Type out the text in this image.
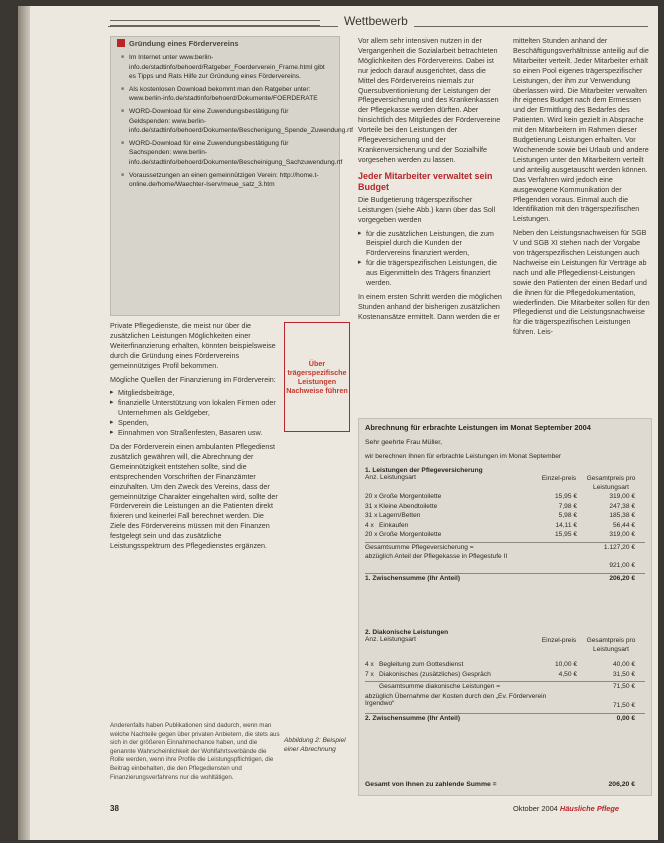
Wettbewerb
Gründung eines Fördervereins
■ Im Internet unter www.berlin-info.de/stadtinfo/behoerd/Ratgeber_Foerderverein_Frame.html gibt es Tipps und Rats Hilfe zur Gründung eines Fördervereins.
■ Als kostenlosen Download bekommt man den Ratgeber unter: www.berlin-info.de/stadtinfo/behoerd/Dokumente/FOERDERATE
■ WORD-Download für eine Zuwendungsbestätigung für Geldspenden: www.berlin-info.de/stadtinfo/behoerd/Dokumente/Beschenigung_Spende_Zuwendung.rtf
■ WORD-Download für eine Zuwendungsbestätigung für Sachspenden: www.berlin-info.de/stadtinfo/behoerd/Dokumente/Bescheinigung_Sachzuwendung.rtf
■ Voraussetzungen an einen gemeinnützigen Verein: http://home.t-online.de/home/Waechter-Iserv/meue_satz_3.htm

Private Pflegedienste, die meist nur über die zusätzlichen Leistungen Möglichkeiten einer Weiterfinanzierung erhalten, könnten beispielsweise durch die Gründung eines Fördervereins gemeinnütziges Profil bekommen.

Mögliche Quellen der Finanzierung im Förderverein:

▸ Mitgliedsbeiträge,
▸ finanzielle Unterstützung von lokalen Firmen oder Unternehmen als Geldgeber,
▸ Spenden,
▸ Einnahmen von Straßenfesten, Basaren usw.

Da der Förderverein einen ambulanten Pflegedienst zusätzlich gewähren will, die Abrechnung der Gemeinnützigkeit entstehen sollte, sind die entsprechenden Vorschriften der Finanzämter einzuhalten. Um den Zweck des Vereins, dass der gemeinnützige Charakter eingehalten wird, sollte der Förderverein die Leistungen an die Patienten direkt fixieren und keinerlei Fall berechnet werden. Die Ziele des Fördervereins müssen mit den Finanzen festgelegt sein und das zusätzliche Leistungsspektrum des Pflegedienstes ergänzen.

Anderenfalls haben Publikationen sind dadurch, wenn man welche Nachteile gegen über privaten Anbietern, die stets aus sich in der größeren Einnahmechance haben, und die genannte Wahrscheinlichkeit der Wohlfahrtsverbände die Rolle werden, wenn ihre Profile die Leistungspflichtigen, die Beitrag einbehalten, die den Pflegediensten und Finanzierungsverfahrens nur die wohltätigen.
Über trägerspezifische Leistungen Nachweise führen
Abbildung 2: Beispiel einer Abrechnung

Vor allem sehr intensiven nutzen in der Vergangenheit die Sozialarbeit betrachteten Möglichkeiten des Fördervereins. Dabei ist nur jedoch darauf ausgerichtet, dass die Mittel des Fördervereins niemals zur Quersubventionierung der Leistungen der Pflegeversicherung und des Krankenkassen der Pflegekasse werden dürften. Aber hinsichtlich des Mitgliedes der Fördervereine Vorteile bei den Leistungen der Pflegeversicherung und der Krankenversicherung und der Sozialhilfe vorgesehen werden zu lassen.

Jeder Mitarbeiter verwaltet sein Budget

Die Budgetierung trägerspezifischer Leistungen (siehe Abb.) kann über das Soll vorgegeben werden

▸ für die zusätzlichen Leistungen, die zum Beispiel durch die Kunden der Fördervereins finanziert werden,
▸ für die trägerspezifischen Leistungen, die aus Eigenmitteln des Trägers finanziert werden.

In einem ersten Schritt werden die möglichen Stunden anhand der bisherigen zusätzlichen Kostenansätze ermittelt. Dann werden die er

mittelten Stunden anhand der Beschäftigungsverhältnisse anteilig auf die Mitarbeiter verteilt. Jeder Mitarbeiter erhält so einen Pool eigenes trägerspezifischer Leistungen, der ihm zur Verwendung überlassen wird. Die Mitarbeiter verwalten ihr eigenes Budget nach dem Ermessen und der Ermittlung des Bedarfes des Patienten. Wird kein gezielt in Absprache mit den Mitarbeitern im Rahmen dieser Budgetierung Leistungen erhalten. Vor Wochenende sowie bei Urlaub und andere Leistungen unter den Mitarbeitern verteilt und anteilig ausgetauscht werden können. Das Verfahren wird jedoch eine ausgewogene Kommunikation der Pflegenden voraus. Einmal auch die Identifikation mit den trägerspezifischen Leistungen.

Neben den Leistungsnachweisen für SGB V und SGB XI stehen nach der Vorgabe von trägerspezifischen Leistungen auch Nachweise ein Leistungen für Verträge ab nach und alle Pflegedienst-Leistungen sowie den Patienten der einen Bedarf und die ihnen für die Pflegedokumentation, wiederfinden. Die Mitarbeiter sollen für den Pflegedienst und die Leistungsnachweise für die trägerspezifischen Leistungen führen. Leis-

Abrechnung für erbrachte Leistungen im Monat September 2004
Sehr geehrte Frau Müller,
wir berechnen Ihnen für erbrachte Leistungen im Monat September
1. Leistungen der Pflegeversicherung
Anz. Leistungsart	Einzel-preis	Gesamtpreis pro Leistungsart
20 x Große Morgentoilette	15,95 €	319,00 €
31 x Kleine Abendtoilette	7,98 €	247,38 €
31 x Lagern/Betten	5,98 €	185,38 €
4 x Einkaufen	14,11 €	56,44 €
20 x Große Morgentoilette	15,95 €	319,00 €
Gesamtsumme Pflegeversicherung =	1.127,20 €
abzüglich Anteil der Pflegekasse in Pflegestufe II
921,00 €
1. Zwischensumme (Ihr Anteil)	206,20 €
2. Diakonische Leistungen
Anz. Leistungsart	Einzel-preis	Gesamtpreis pro Leistungsart
4 x Begleitung zum Gottesdienst	10,00 €	40,00 €
7 x Diakonisches (zusätzliches) Gespräch	4,50 €	31,50 €
Gesamtsumme diakonische Leistungen =	71,50 €
abzüglich Übernahme der Kosten durch den „Ev. Förderverein Irgendwo“	71,50 €
2. Zwischensumme (Ihr Anteil)	0,00 €
Gesamt von Ihnen zu zahlende Summe =	206,20 €
38	Oktober 2004 Häusliche Pflege
